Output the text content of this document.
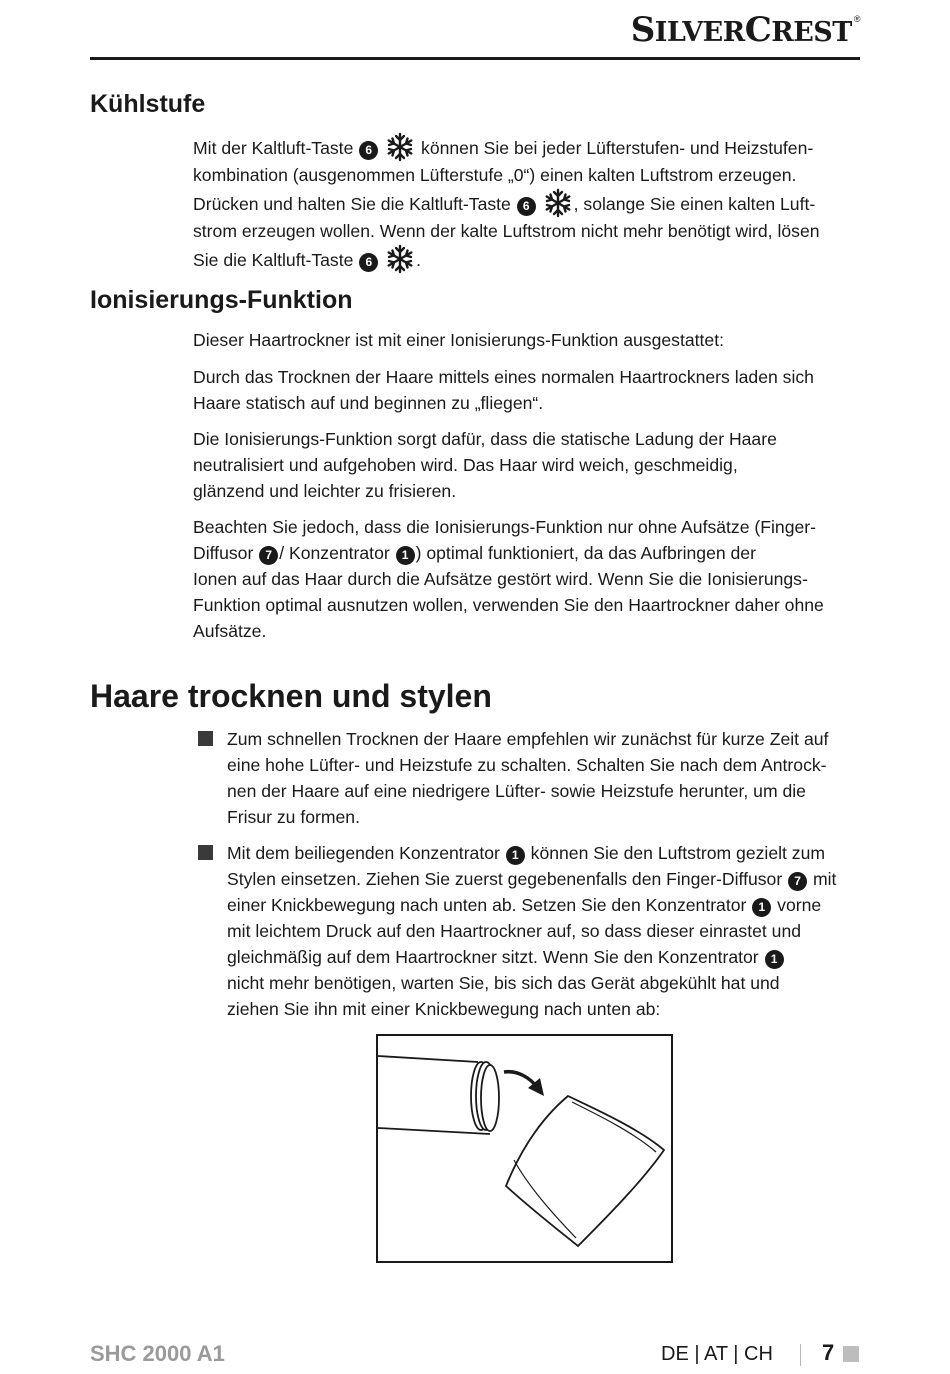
SILVERCREST ®
Kühlstufe
Mit der Kaltluft-Taste 6	können Sie bei jeder Lüfterstufen- und Heizstufen-
kombination (ausgenommen Lüfterstufe „0“) einen kalten Luftstrom erzeugen.
Drücken und halten Sie die Kaltluft-Taste 6	, solange Sie einen kalten Luft-
strom erzeugen wollen. Wenn der kalte Luftstrom nicht mehr benötigt wird, lösen
Sie die Kaltluft-Taste 6	.
Ionisierungs-Funktion
Dieser Haartrockner ist mit einer Ionisierungs-Funktion ausgestattet:
Durch das Trocknen der Haare mittels eines normalen Haartrockners laden sich
Haare statisch auf und beginnen zu „fliegen“.
Die Ionisierungs-Funktion sorgt dafür, dass die statische Ladung der Haare
neutralisiert und aufgehoben wird. Das Haar wird weich, geschmeidig,
glänzend und leichter zu frisieren.
Beachten Sie jedoch, dass die Ionisierungs-Funktion nur ohne Aufsätze (Finger-
Diffusor 7 / Konzentrator 1 ) optimal funktioniert, da das Aufbringen der
Ionen auf das Haar durch die Aufsätze gestört wird. Wenn Sie die Ionisierungs-
Funktion optimal ausnutzen wollen, verwenden Sie den Haartrockner daher ohne
Aufsätze.
Haare trocknen und stylen
Zum schnellen Trocknen der Haare empfehlen wir zunächst für kurze Zeit auf
eine hohe Lüfter- und Heizstufe zu schalten. Schalten Sie nach dem Antrock-
nen der Haare auf eine niedrigere Lüfter- sowie Heizstufe herunter, um die
Frisur zu formen.
Mit dem beiliegenden Konzentrator 1 können Sie den Luftstrom gezielt zum
Stylen einsetzen. Ziehen Sie zuerst gegebenenfalls den Finger-Diffusor 7 mit
einer Knickbewegung nach unten ab. Setzen Sie den Konzentrator 1 vorne
mit leichtem Druck auf den Haartrockner auf, so dass dieser einrastet und
gleichmäßig auf dem Haartrockner sitzt. Wenn Sie den Konzentrator 1
nicht mehr benötigen, warten Sie, bis sich das Gerät abgekühlt hat und
ziehen Sie ihn mit einer Knickbewegung nach unten ab:
SHC 2000 A1	DE | AT | CH 7
